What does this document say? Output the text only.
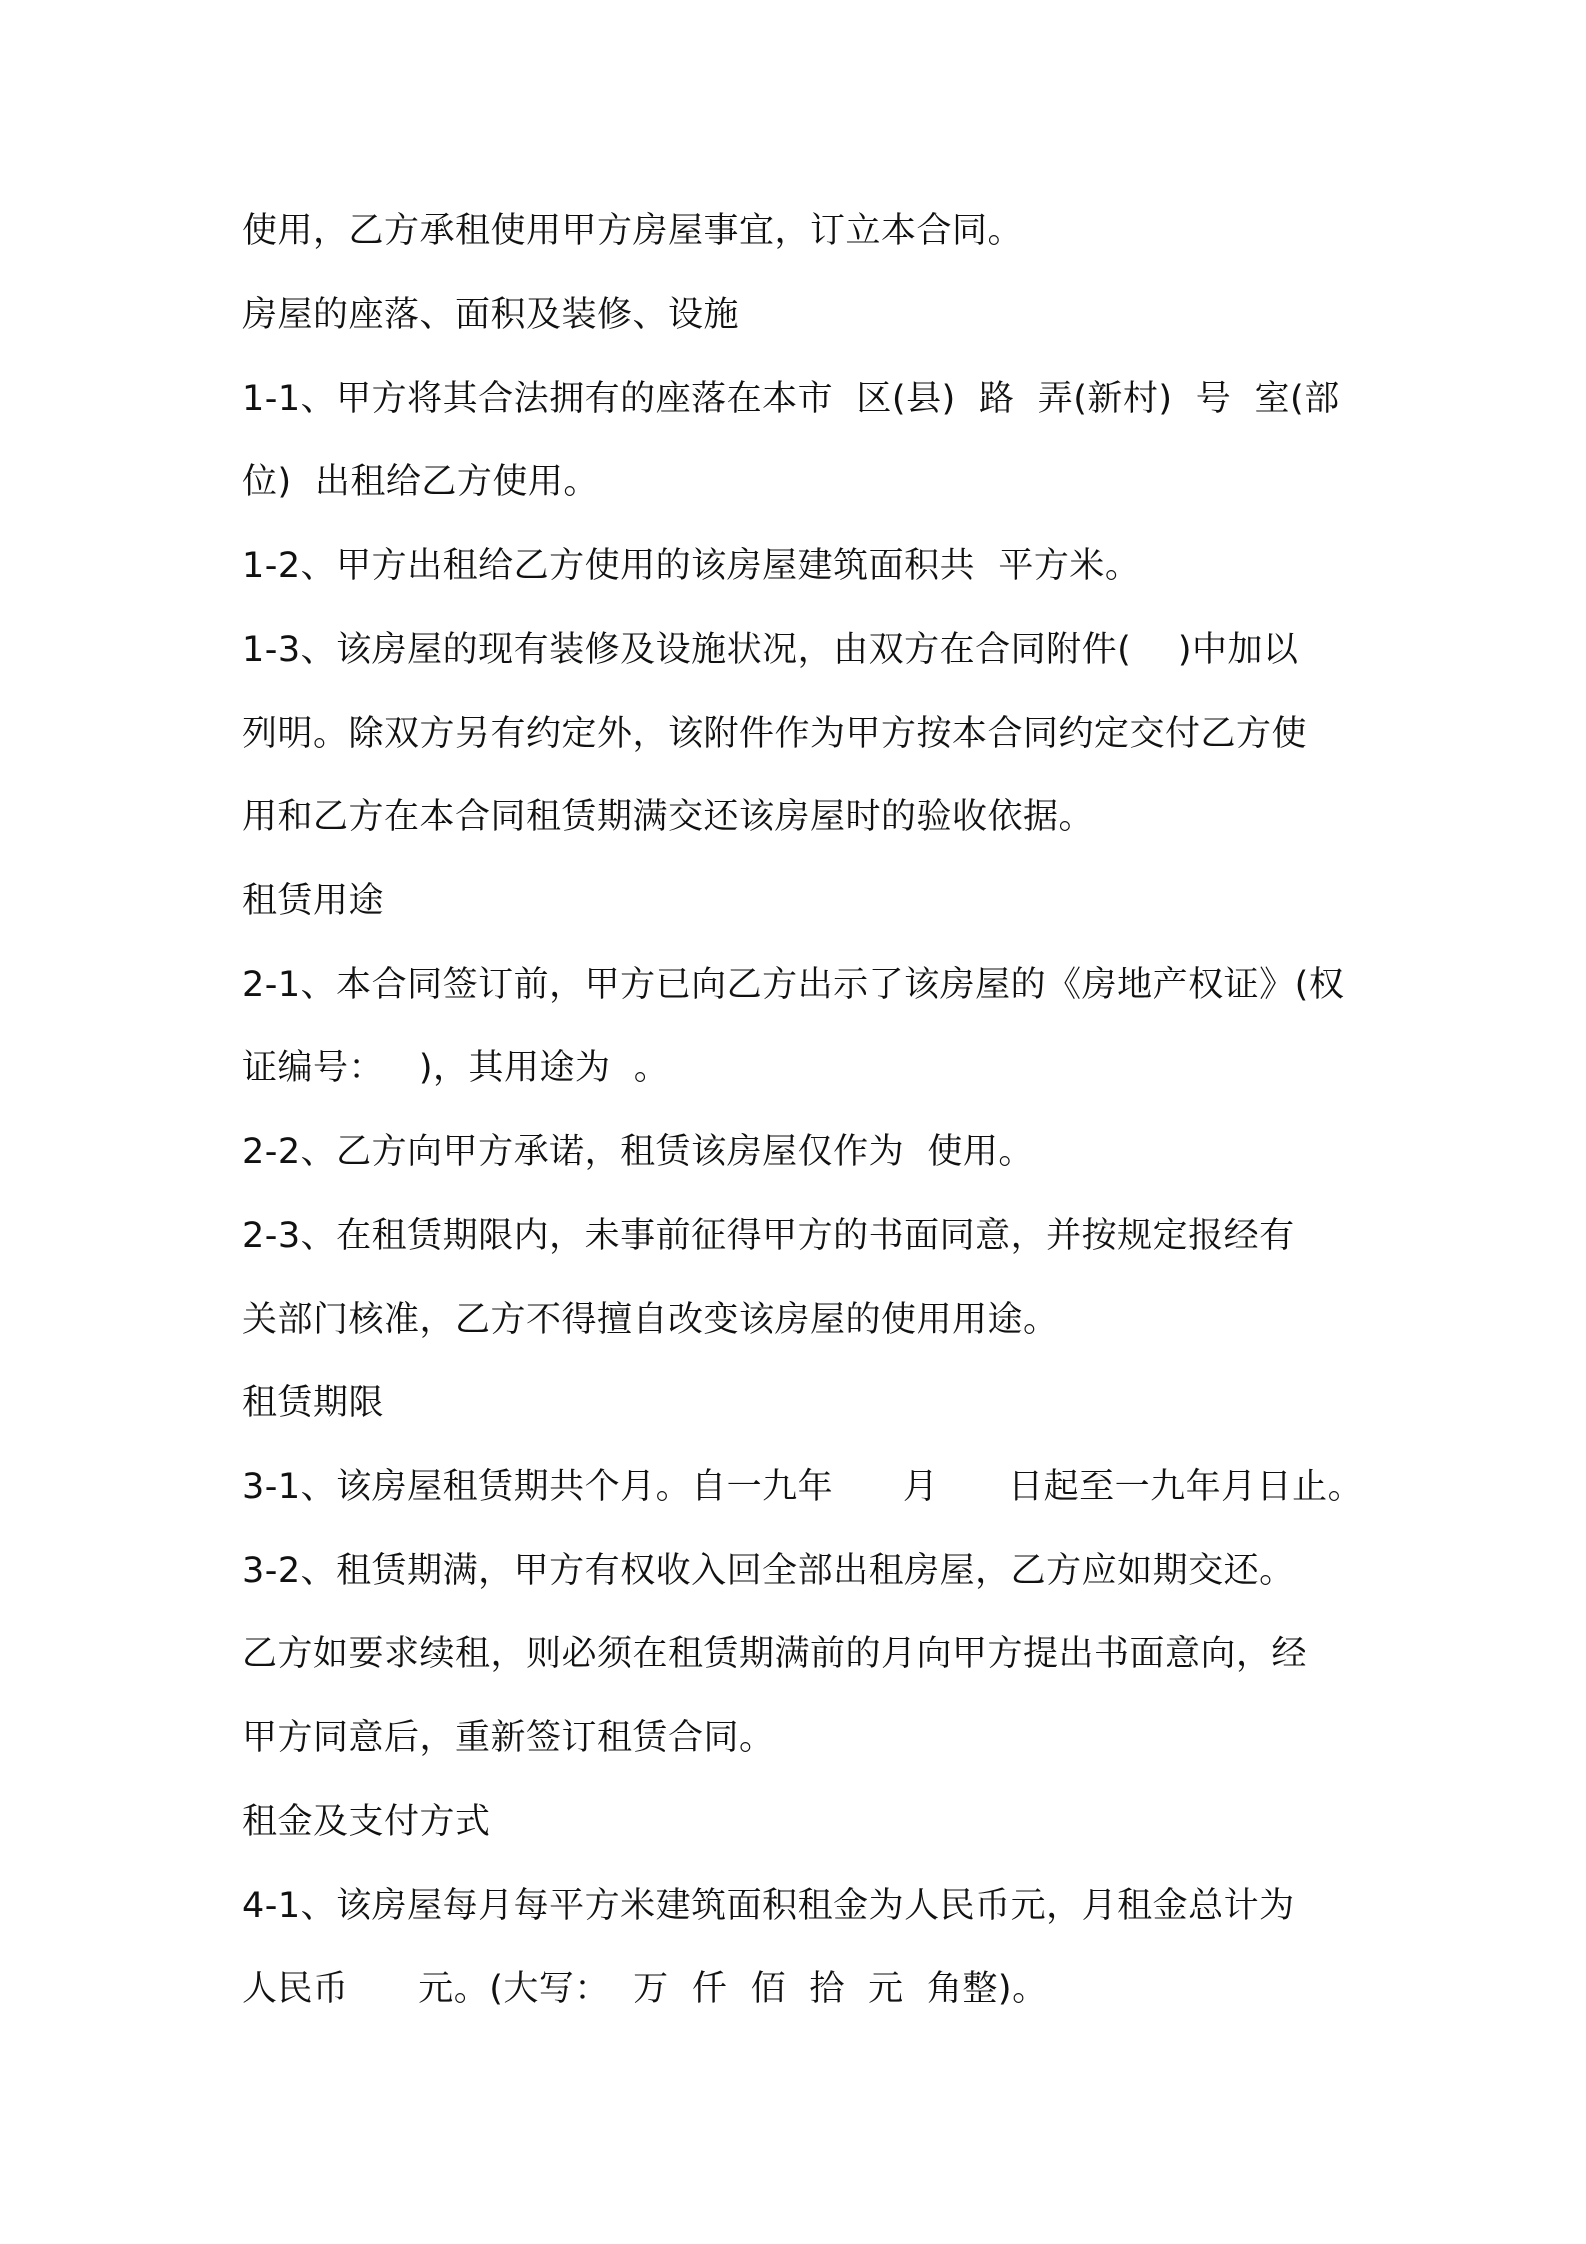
使用，乙方承租使用甲方房屋事宜，订立本合同。

房屋的座落、面积及装修、设施

1-1、甲方将其合法拥有的座落在本市  区(县)  路  弄(新村)  号  室(部

位)  出租给乙方使用。

1-2、甲方出租给乙方使用的该房屋建筑面积共  平方米。

1-3、该房屋的现有装修及设施状况，由双方在合同附件(    )中加以

列明。除双方另有约定外，该附件作为甲方按本合同约定交付乙方使

用和乙方在本合同租赁期满交还该房屋时的验收依据。

租赁用途

2-1、本合同签订前，甲方已向乙方出示了该房屋的《房地产权证》(权

证编号：   )，其用途为  。

2-2、乙方向甲方承诺，租赁该房屋仅作为  使用。

2-3、在租赁期限内，未事前征得甲方的书面同意，并按规定报经有

关部门核准，乙方不得擅自改变该房屋的使用用途。

租赁期限

3-1、该房屋租赁期共个月。自一九年      月      日起至一九年月日止。

3-2、租赁期满，甲方有权收入回全部出租房屋，乙方应如期交还。

乙方如要求续租，则必须在租赁期满前的月向甲方提出书面意向，经

甲方同意后，重新签订租赁合同。

租金及支付方式

4-1、该房屋每月每平方米建筑面积租金为人民币元，月租金总计为

人民币      元。(大写：  万  仟  佰  拾  元  角整)。
